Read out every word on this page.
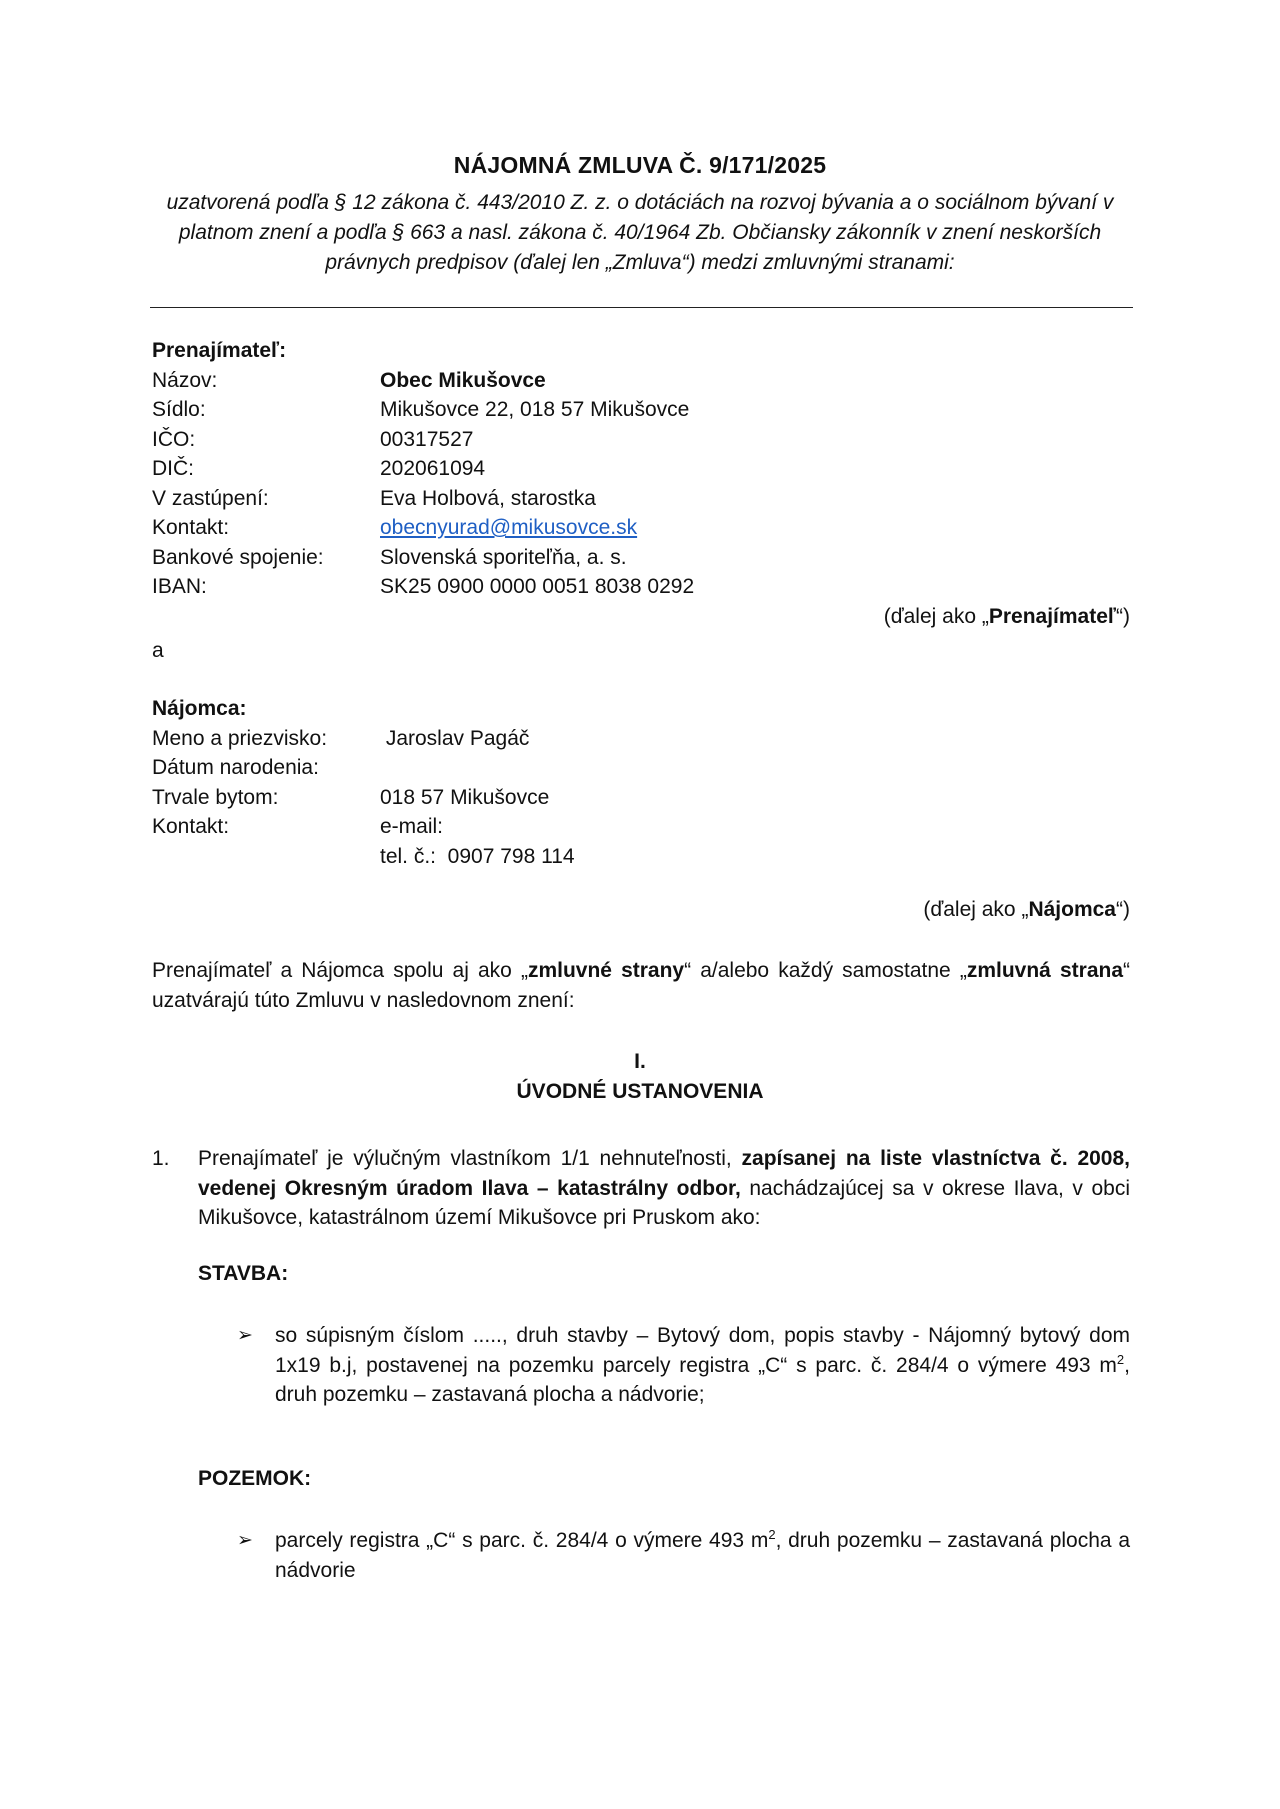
NÁJOMNÁ ZMLUVA Č. 9/171/2025
uzatvorená podľa § 12 zákona č. 443/2010 Z. z. o dotáciách na rozvoj bývania a o sociálnom bývaní v
platnom znení a podľa § 663 a nasl. zákona č. 40/1964 Zb. Občiansky zákonník v znení neskorších
právnych predpisov (ďalej len „Zmluva“) medzi zmluvnými stranami:
Prenajímateľ:
Názov:	Obec Mikušovce
Sídlo:	Mikušovce 22, 018 57 Mikušovce
IČO:	00317527
DIČ:	202061094
V zastúpení:	Eva Holbová, starostka
Kontakt:	obecnyurad@mikusovce.sk
Bankové spojenie:	Slovenská sporiteľňa, a. s.
IBAN:	SK25 0900 0000 0051 8038 0292
(ďalej ako „Prenajímateľ“)
a
Nájomca:
Meno a priezvisko:	Jaroslav Pagáč
Dátum narodenia:
Trvale bytom:	018 57 Mikušovce
Kontakt:	e-mail:
tel. č.:  0907 798 114
(ďalej ako „Nájomca“)
Prenajímateľ a Nájomca spolu aj ako „zmluvné strany“ a/alebo každý samostatne „zmluvná strana“
uzatvárajú túto Zmluvu v nasledovnom znení:
I.
ÚVODNÉ USTANOVENIA
1. Prenajímateľ je výlučným vlastníkom 1/1 nehnuteľnosti, zapísanej na liste vlastníctva č. 2008, vedenej Okresným úradom Ilava – katastrálny odbor, nachádzajúcej sa v okrese Ilava, v obci Mikušovce, katastrálnom území Mikušovce pri Pruskom ako:
STAVBA:
➢ so súpisným číslom ....., druh stavby – Bytový dom, popis stavby - Nájomný bytový dom 1x19 b.j, postavenej na pozemku parcely registra „C“ s parc. č. 284/4 o výmere 493 $m^2$, druh pozemku – zastavaná plocha a nádvorie;
POZEMOK:
➢ parcely registra „C“ s parc. č. 284/4 o výmere 493 $m^2$, druh pozemku – zastavaná plocha a nádvorie
